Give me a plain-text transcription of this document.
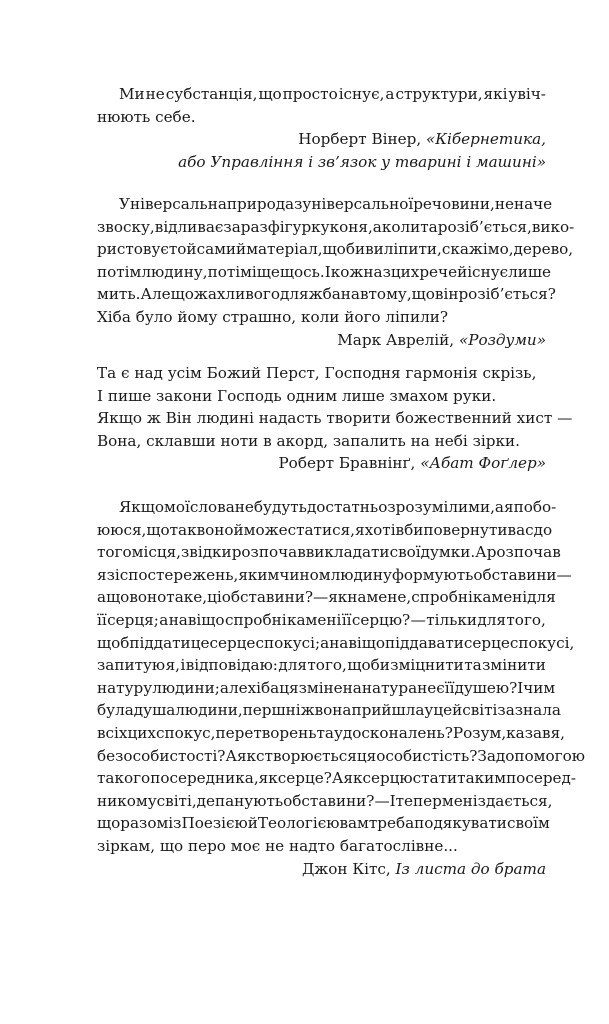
Ми не субстанція, що просто існує, а структури, які увіч-
нюють себе.
Норберт Вінер, «Кібернетика,
або Управління і зв’язок у тварині і машині»
Універсальна природа з універсальної речовини, неначе
з воску, відливає зараз фігурку коня, а коли та розіб’ється, вико-
ристовує той самий матеріал, щоби виліпити, скажімо, дерево,
потім людину, потім іще щось. І кожна з цих речей існує лише
мить. Але що жахливого для жбана в тому, що він розіб’ється?
Хіба було йому страшно, коли його ліпили?
Марк Аврелій, «Роздуми»
Та є над усім Божий Перст, Господня гармонія скрізь,
І пише закони Господь одним лише змахом руки.
Якщо ж Він людині надасть творити божественний хист —
Вона, склавши ноти в акорд, запалить на небі зірки.
Роберт Бравнінґ, «Абат Фоґлер»
Якщо мої слова не будуть достатньо зрозумілими, а я побо-
ююся, що так воно й може статися, я хотів би повернути вас до
того місця, звідки розпочав викладати свої думки. А розпочав
я зі спостережень, яким чином людину формують обставини —
а що воно таке, ці обставини? — як на мене, спробні камені для
її серця; а навіщо спробні камені її серцю? — тільки для того,
щоб піддати це серце спокусі; а навіщо піддавати серце спокусі,
запитую я, і відповідаю: для того, щоби зміцнити та змінити
натуру людини; але хіба ця змінена натура не є її душею? І чим
була душа людини, перш ніж вона прийшла у цей світ і зазнала
всіх цих спокус, перетворень та удосконалень? Розум, казав я,
без особистості? А як створюється ця особистість? За допомогою
такого посередника, як серце? А як серцю стати таким посеред-
ником у світі, де панують обставини? — І тепер мені здається,
що разом із Поезією й Теологією вам треба подякувати своїм
зіркам, що перо моє не надто багатослівне...
Джон Кітс, Із листа до брата
